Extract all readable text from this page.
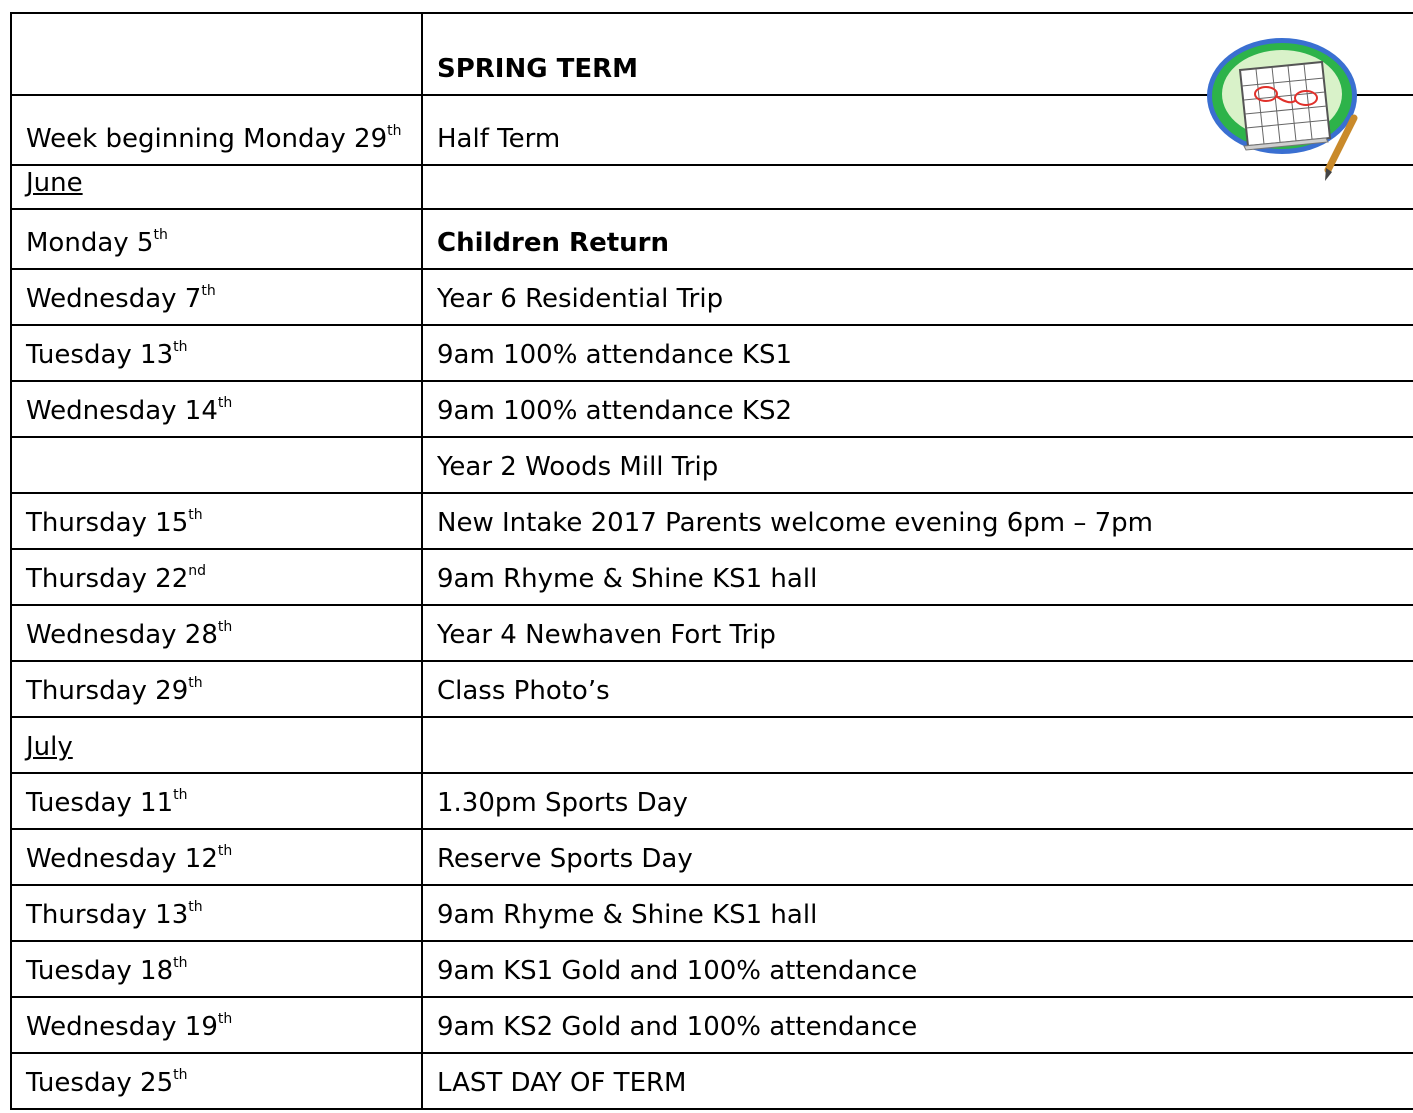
	SPRING TERM
Week beginning Monday 29th	Half Term
June	
Monday 5th	Children Return
Wednesday 7th	Year 6 Residential Trip
Tuesday 13th	9am 100% attendance KS1
Wednesday 14th	9am 100% attendance KS2
	Year 2 Woods Mill Trip
Thursday 15th	New Intake 2017 Parents welcome evening 6pm – 7pm
Thursday 22nd	9am Rhyme & Shine KS1 hall
Wednesday 28th	Year 4 Newhaven Fort Trip
Thursday 29th	Class Photo’s
July	
Tuesday 11th	1.30pm Sports Day
Wednesday 12th	Reserve Sports Day
Thursday 13th	9am Rhyme & Shine KS1 hall
Tuesday 18th	9am KS1 Gold and 100% attendance
Wednesday 19th	9am KS2 Gold and 100% attendance
Tuesday 25th	LAST DAY OF TERM
